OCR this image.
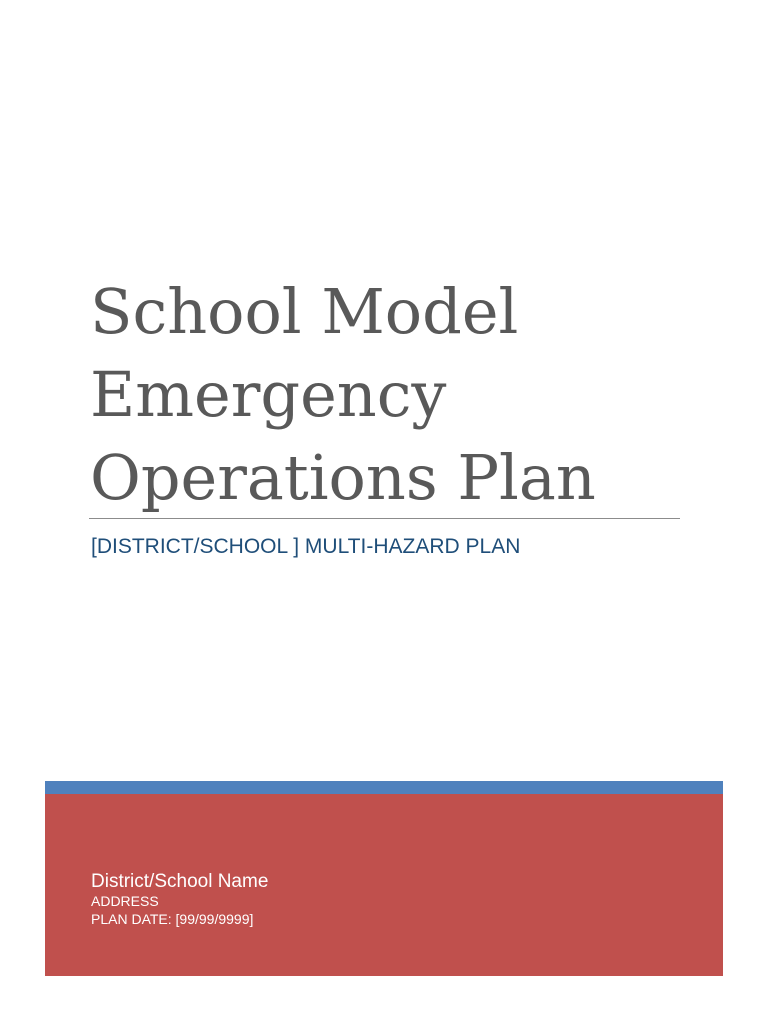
School Model
Emergency
Operations Plan
[DISTRICT/SCHOOL ] MULTI-HAZARD PLAN
District/School Name
ADDRESS
PLAN DATE: [99/99/9999]
